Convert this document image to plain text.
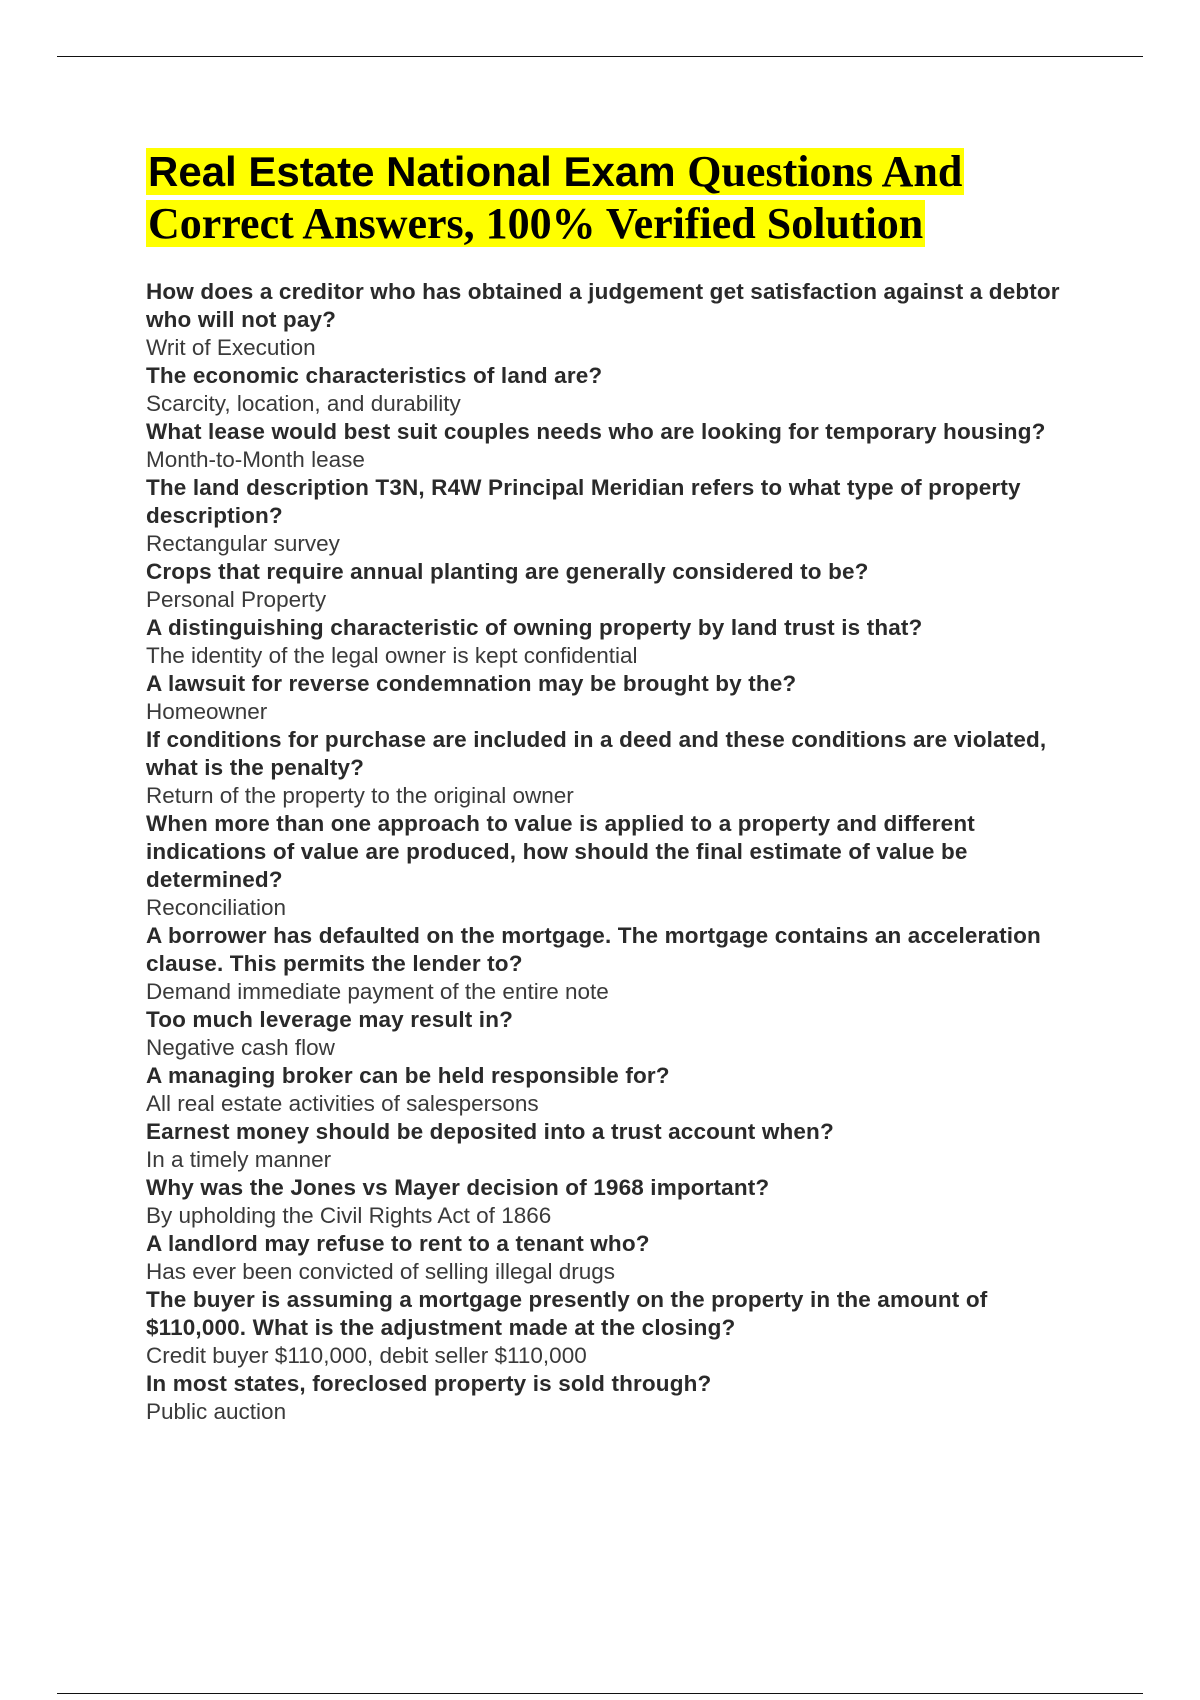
Real Estate National Exam Questions And Correct Answers, 100% Verified Solution
How does a creditor who has obtained a judgement get satisfaction against a debtor who will not pay?
Writ of Execution
The economic characteristics of land are?
Scarcity, location, and durability
What lease would best suit couples needs who are looking for temporary housing?
Month-to-Month lease
The land description T3N, R4W Principal Meridian refers to what type of property description?
Rectangular survey
Crops that require annual planting are generally considered to be?
Personal Property
A distinguishing characteristic of owning property by land trust is that?
The identity of the legal owner is kept confidential
A lawsuit for reverse condemnation may be brought by the?
Homeowner
If conditions for purchase are included in a deed and these conditions are violated, what is the penalty?
Return of the property to the original owner
When more than one approach to value is applied to a property and different indications of value are produced, how should the final estimate of value be determined?
Reconciliation
A borrower has defaulted on the mortgage. The mortgage contains an acceleration clause. This permits the lender to?
Demand immediate payment of the entire note
Too much leverage may result in?
Negative cash flow
A managing broker can be held responsible for?
All real estate activities of salespersons
Earnest money should be deposited into a trust account when?
In a timely manner
Why was the Jones vs Mayer decision of 1968 important?
By upholding the Civil Rights Act of 1866
A landlord may refuse to rent to a tenant who?
Has ever been convicted of selling illegal drugs
The buyer is assuming a mortgage presently on the property in the amount of $110,000. What is the adjustment made at the closing?
Credit buyer $110,000, debit seller $110,000
In most states, foreclosed property is sold through?
Public auction
